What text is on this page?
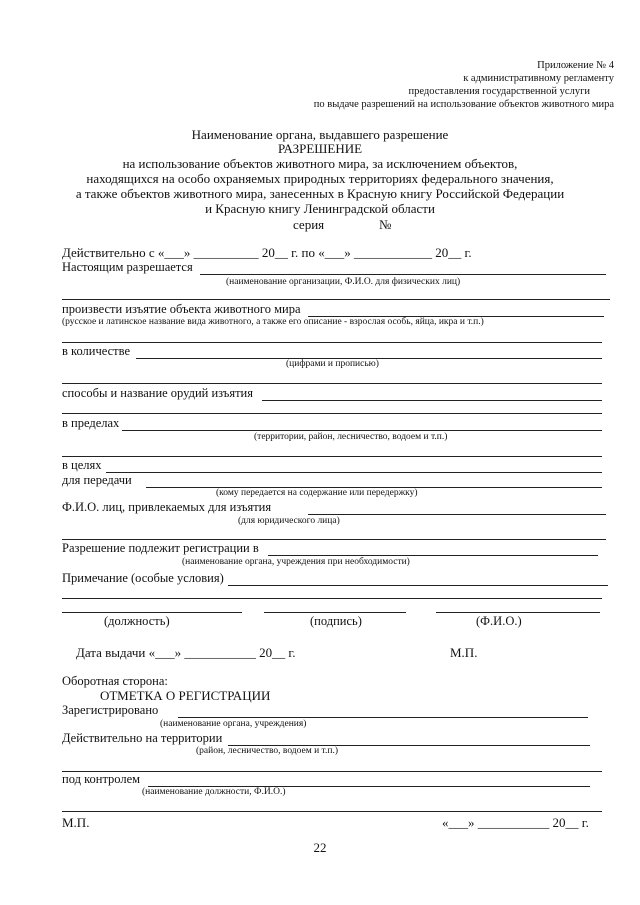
Приложение № 4
к административному регламенту
предоставления государственной услуги
по выдаче разрешений на использование объектов животного мира
Наименование органа, выдавшего разрешение
РАЗРЕШЕНИЕ
на использование объектов животного мира, за исключением объектов,
находящихся на особо охраняемых природных территориях федерального значения,
а также объектов животного мира, занесенных в Красную книгу Российской Федерации
и Красную книгу Ленинградской области
серия	№
Действительно с «___» __________ 20__ г. по «___» ____________ 20__ г.
Настоящим разрешается
(наименование организации, Ф.И.О. для физических лиц)
произвести изъятие объекта животного мира
(русское и латинское название вида животного, а также его описание - взрослая особь, яйца, икра и т.п.)
в количестве
(цифрами и прописью)
способы и название орудий изъятия
в пределах
(территории, район, лесничество, водоем и т.п.)
в целях
для передачи
(кому передается на содержание или передержку)
Ф.И.О. лиц, привлекаемых для изъятия
(для юридического лица)
Разрешение подлежит регистрации в
(наименование органа, учреждения при необходимости)
Примечание (особые условия)
(должность)	(подпись)	(Ф.И.О.)
Дата выдачи «___» ___________ 20__ г.	М.П.
Оборотная сторона:
ОТМЕТКА О РЕГИСТРАЦИИ
Зарегистрировано
(наименование органа, учреждения)
Действительно на территории
(район, лесничество, водоем и т.п.)
под контролем
(наименование должности, Ф.И.О.)
М.П.	«___» ___________ 20__ г.
22
